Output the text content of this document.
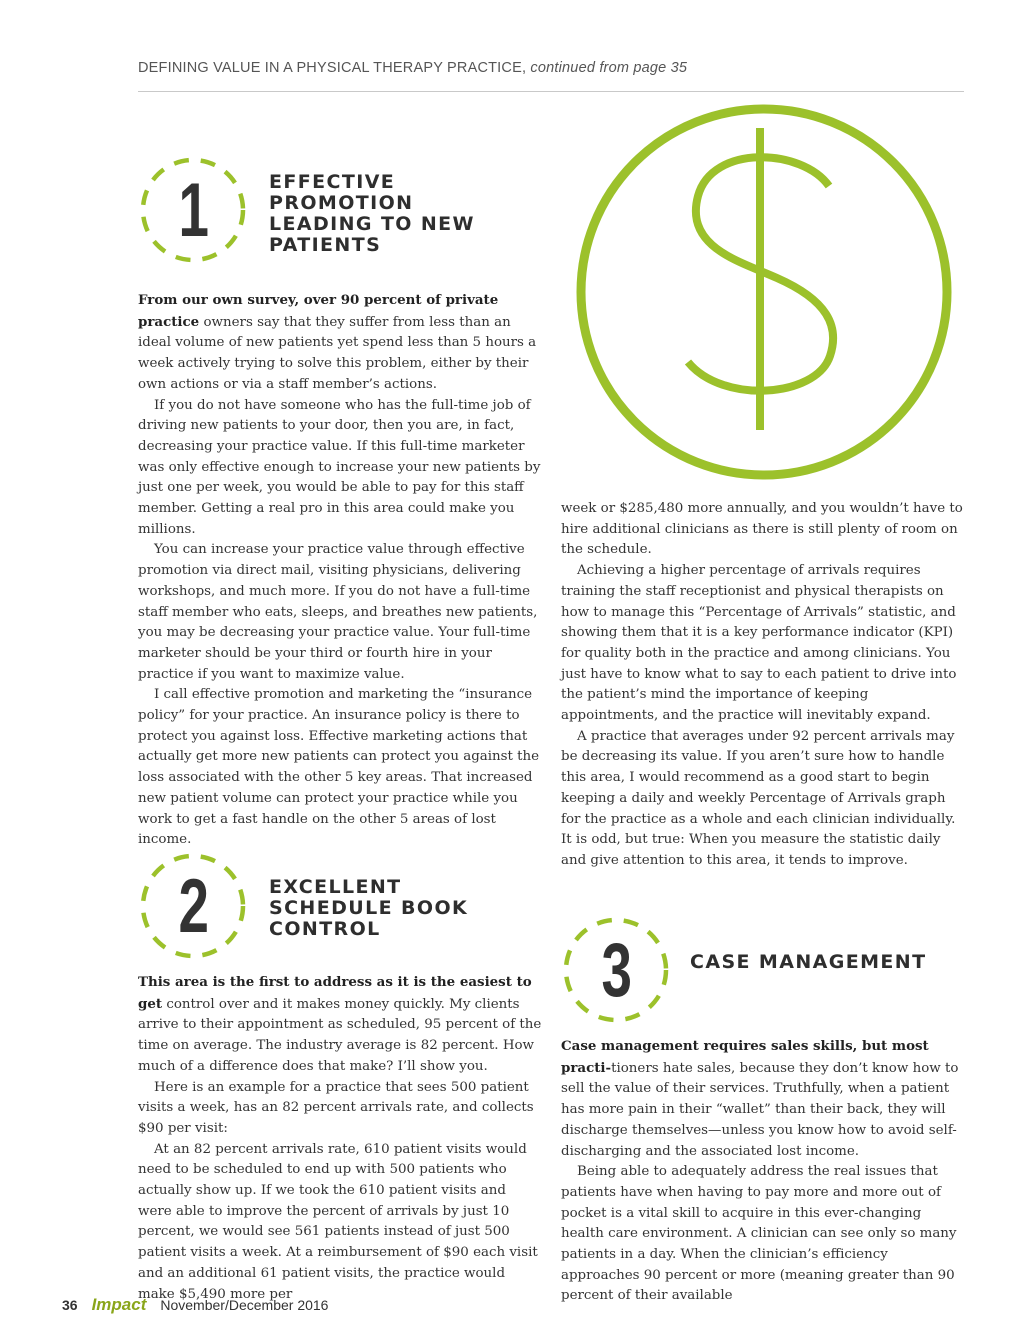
DEFINING VALUE IN A PHYSICAL THERAPY PRACTICE, continued from page 35
1	EFFECTIVE PROMOTION LEADING TO NEW PATIENTS

From our own survey, over 90 percent of private practice owners say that they suffer from less than an ideal volume of new patients yet spend less than 5 hours a week actively trying to solve this problem, either by their own actions or via a staff member’s actions.

If you do not have someone who has the full-time job of driving new patients to your door, then you are, in fact, decreasing your practice value. If this full-time marketer was only effective enough to increase your new patients by just one per week, you would be able to pay for this staff member. Getting a real pro in this area could make you millions.

You can increase your practice value through effective promotion via direct mail, visiting physicians, delivering workshops, and much more. If you do not have a full-time staff member who eats, sleeps, and breathes new patients, you may be decreasing your practice value. Your full-time marketer should be your third or fourth hire in your practice if you want to maximize value.

I call effective promotion and marketing the “insurance policy” for your practice. An insurance policy is there to protect you against loss. Effective marketing actions that actually get more new patients can protect you against the loss associated with the other 5 key areas. That increased new patient volume can protect your practice while you work to get a fast handle on the other 5 areas of lost income.

2	EXCELLENT SCHEDULE BOOK CONTROL

This area is the first to address as it is the easiest to get control over and it makes money quickly. My clients arrive to their appointment as scheduled, 95 percent of the time on average. The industry average is 82 percent. How much of a difference does that make? I’ll show you.

Here is an example for a practice that sees 500 patient visits a week, has an 82 percent arrivals rate, and collects $90 per visit:

At an 82 percent arrivals rate, 610 patient visits would need to be scheduled to end up with 500 patients who actually show up. If we took the 610 patient visits and were able to improve the percent of arrivals by just 10 percent, we would see 561 patients instead of just 500 patient visits a week. At a reimbursement of $90 each visit and an additional 61 patient visits, the practice would make $5,490 more per

week or $285,480 more annually, and you wouldn’t have to hire additional clinicians as there is still plenty of room on the schedule.

Achieving a higher percentage of arrivals requires training the staff receptionist and physical therapists on how to manage this “Percentage of Arrivals” statistic, and showing them that it is a key performance indicator (KPI) for quality both in the practice and among clinicians. You just have to know what to say to each patient to drive into the patient’s mind the importance of keeping appointments, and the practice will inevitably expand.

A practice that averages under 92 percent arrivals may be decreasing its value. If you aren’t sure how to handle this area, I would recommend as a good start to begin keeping a daily and weekly Percentage of Arrivals graph for the practice as a whole and each clinician individually. It is odd, but true: When you measure the statistic daily and give attention to this area, it tends to improve.

3	CASE MANAGEMENT

Case management requires sales skills, but most practi-tioners hate sales, because they don’t know how to sell the value of their services. Truthfully, when a patient has more pain in their “wallet” than their back, they will discharge themselves—unless you know how to avoid self-discharging and the associated lost income.

Being able to adequately address the real issues that patients have when having to pay more and more out of pocket is a vital skill to acquire in this ever-changing health care environment. A clinician can see only so many patients in a day. When the clinician’s efficiency approaches 90 percent or more (meaning greater than 90 percent of their available

36 Impact November/December 2016
